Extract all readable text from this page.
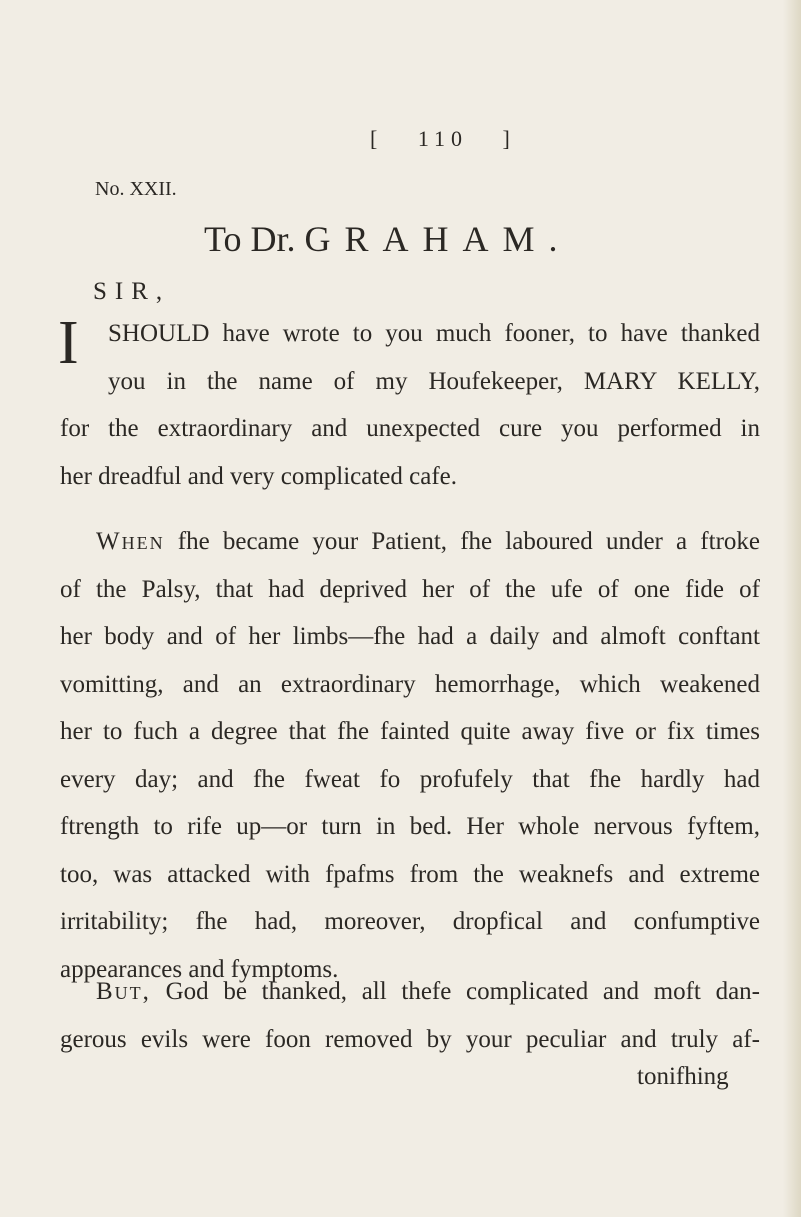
[   110   ]
No. XXII.
To Dr. GRAHAM.
SIR,
I	SHOULD have wrote to you much fooner, to have thanked
you in the name of my Houfekeeper, MARY KELLY,
for the extraordinary and unexpected cure you performed in
her dreadful and very complicated cafe.
When fhe became your Patient, fhe laboured under a ftroke
of the Palsy, that had deprived her of the ufe of one fide of
her body and of her limbs—fhe had a daily and almoft conftant
vomitting, and an extraordinary hemorrhage, which weakened
her to fuch a degree that fhe fainted quite away five or fix times
every day; and fhe fweat fo profufely that fhe hardly had
ftrength to rife up—or turn in bed. Her whole nervous fyftem,
too, was attacked with fpafms from the weaknefs and extreme
irritability; fhe had, moreover, dropfical and confumptive
appearances and fymptoms.
But, God be thanked, all thefe complicated and moft dan-
gerous evils were foon removed by your peculiar and truly af-
tonifhing
